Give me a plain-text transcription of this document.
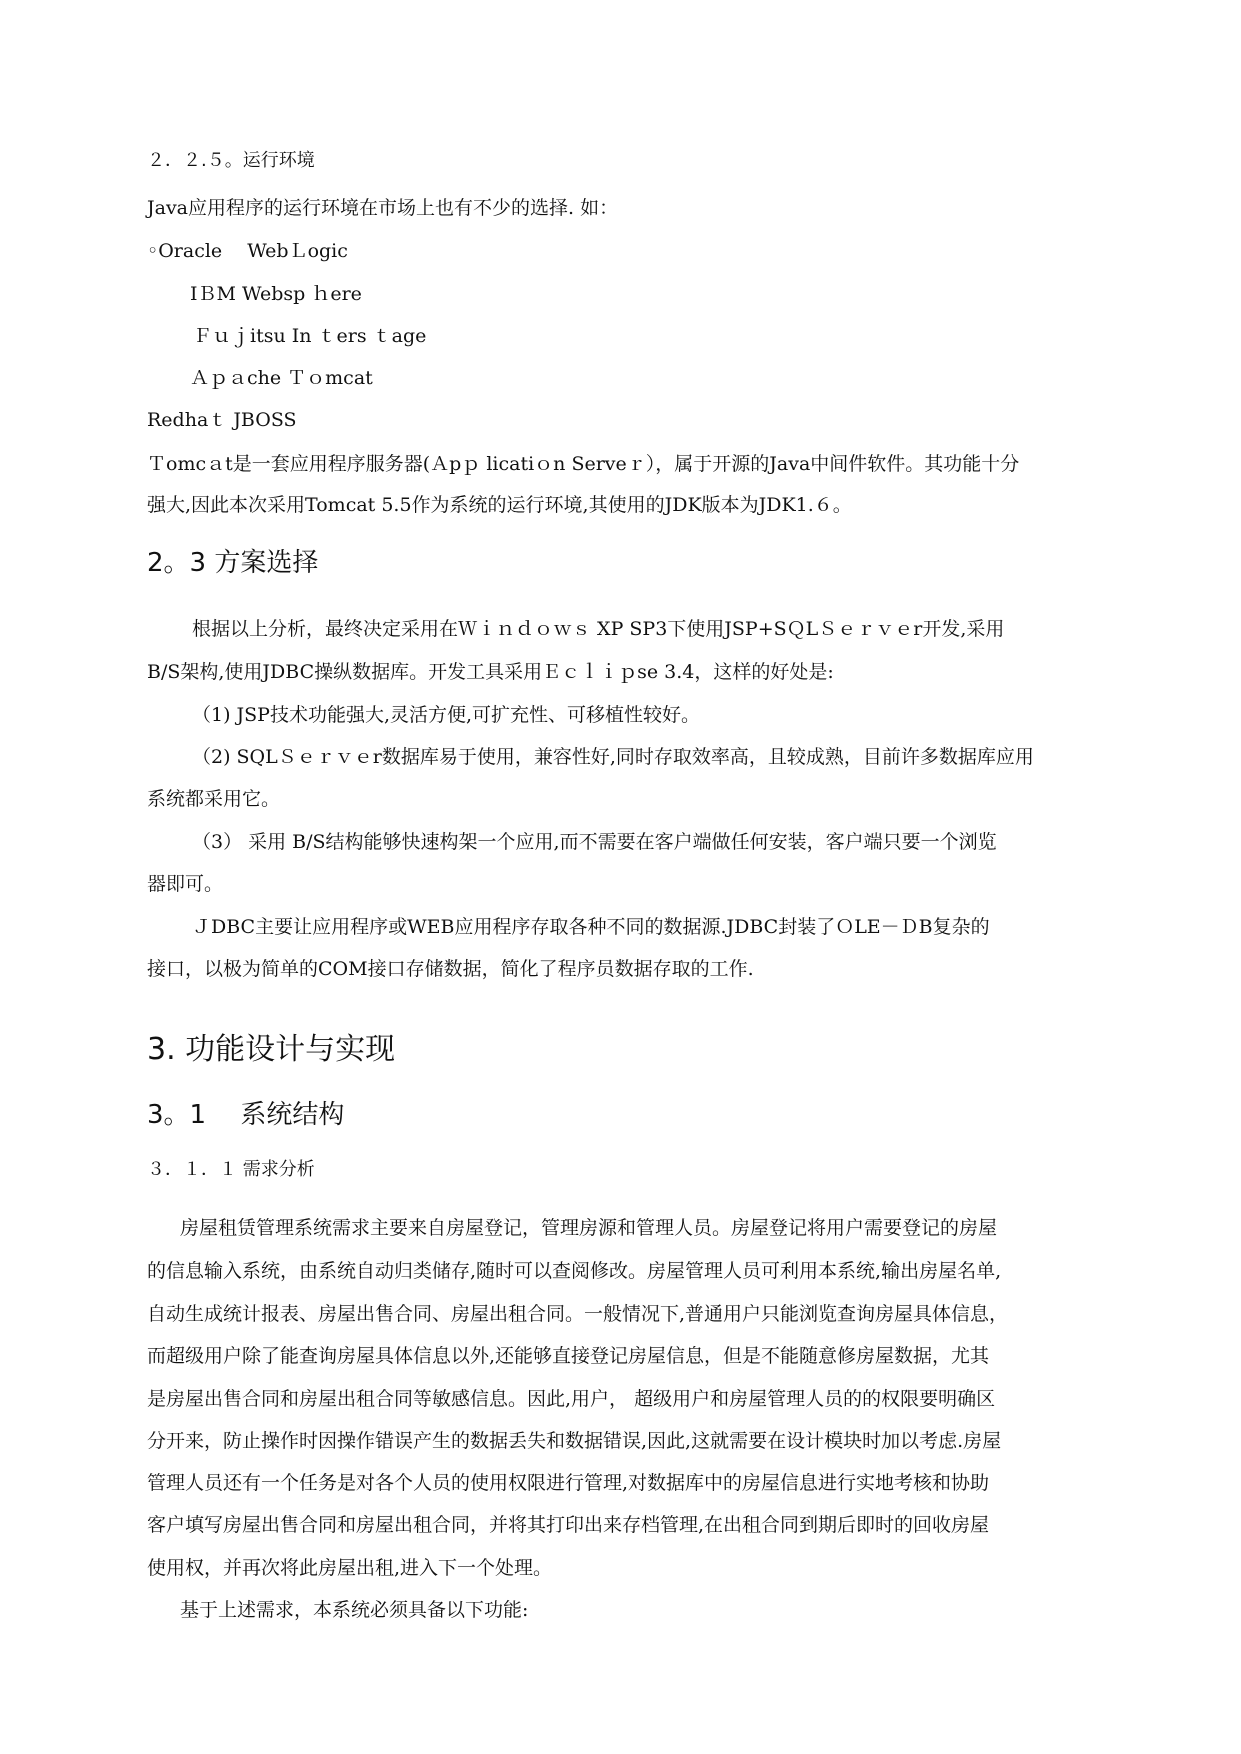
２．２.５。运行环境
Java应用程序的运行环境在市场上也有不少的选择. 如：
◦Oracle　 WebＬogic
IＢM Websp ｈere
Ｆｕｊitsu In ｔers ｔage
Ａｐａche Ｔｏmcat
Redhaｔ JBOSS
Ｔomcａt是一套应用程序服务器(Ａpｐ licatiｏn Serveｒ），属于开源的Java中间件软件。其功能十分
强大,因此本次采用Tomcat 5.5作为系统的运行环境,其使用的JDK版本为JDK1.６。
2。3 方案选择
根据以上分析，最终决定采用在Ｗｉｎｄｏｗｓ XP SP3下使用JSP+SＱLＳｅｒｖｅr开发,采用
B/S架构,使用JDBC操纵数据库。开发工具采用Ｅｃｌｉｐse 3.4，这样的好处是:
（1) JSP技术功能强大,灵活方便,可扩充性、可移植性较好。
（2) SQLＳｅｒｖｅr数据库易于使用，兼容性好,同时存取效率高，且较成熟，目前许多数据库应用
系统都采用它。
（3） 采用 B/S结构能够快速构架一个应用,而不需要在客户端做任何安装，客户端只要一个浏览
器即可。
ＪDBC主要让应用程序或WEB应用程序存取各种不同的数据源.JDBC封装了ＯLE－ＤB复杂的
接口，以极为简单的COM接口存储数据，简化了程序员数据存取的工作.
3. 功能设计与实现
3。1　 系统结构
３．１．１ 需求分析
房屋租赁管理系统需求主要来自房屋登记，管理房源和管理人员。房屋登记将用户需要登记的房屋
的信息输入系统，由系统自动归类储存,随时可以查阅修改。房屋管理人员可利用本系统,输出房屋名单,
自动生成统计报表、房屋出售合同、房屋出租合同。一般情况下,普通用户只能浏览查询房屋具体信息，
而超级用户除了能查询房屋具体信息以外,还能够直接登记房屋信息，但是不能随意修房屋数据，尤其
是房屋出售合同和房屋出租合同等敏感信息。因此,用户， 超级用户和房屋管理人员的的权限要明确区
分开来，防止操作时因操作错误产生的数据丢失和数据错误,因此,这就需要在设计模块时加以考虑.房屋
管理人员还有一个任务是对各个人员的使用权限进行管理,对数据库中的房屋信息进行实地考核和协助
客户填写房屋出售合同和房屋出租合同，并将其打印出来存档管理,在出租合同到期后即时的回收房屋
使用权，并再次将此房屋出租,进入下一个处理。
基于上述需求，本系统必须具备以下功能:
